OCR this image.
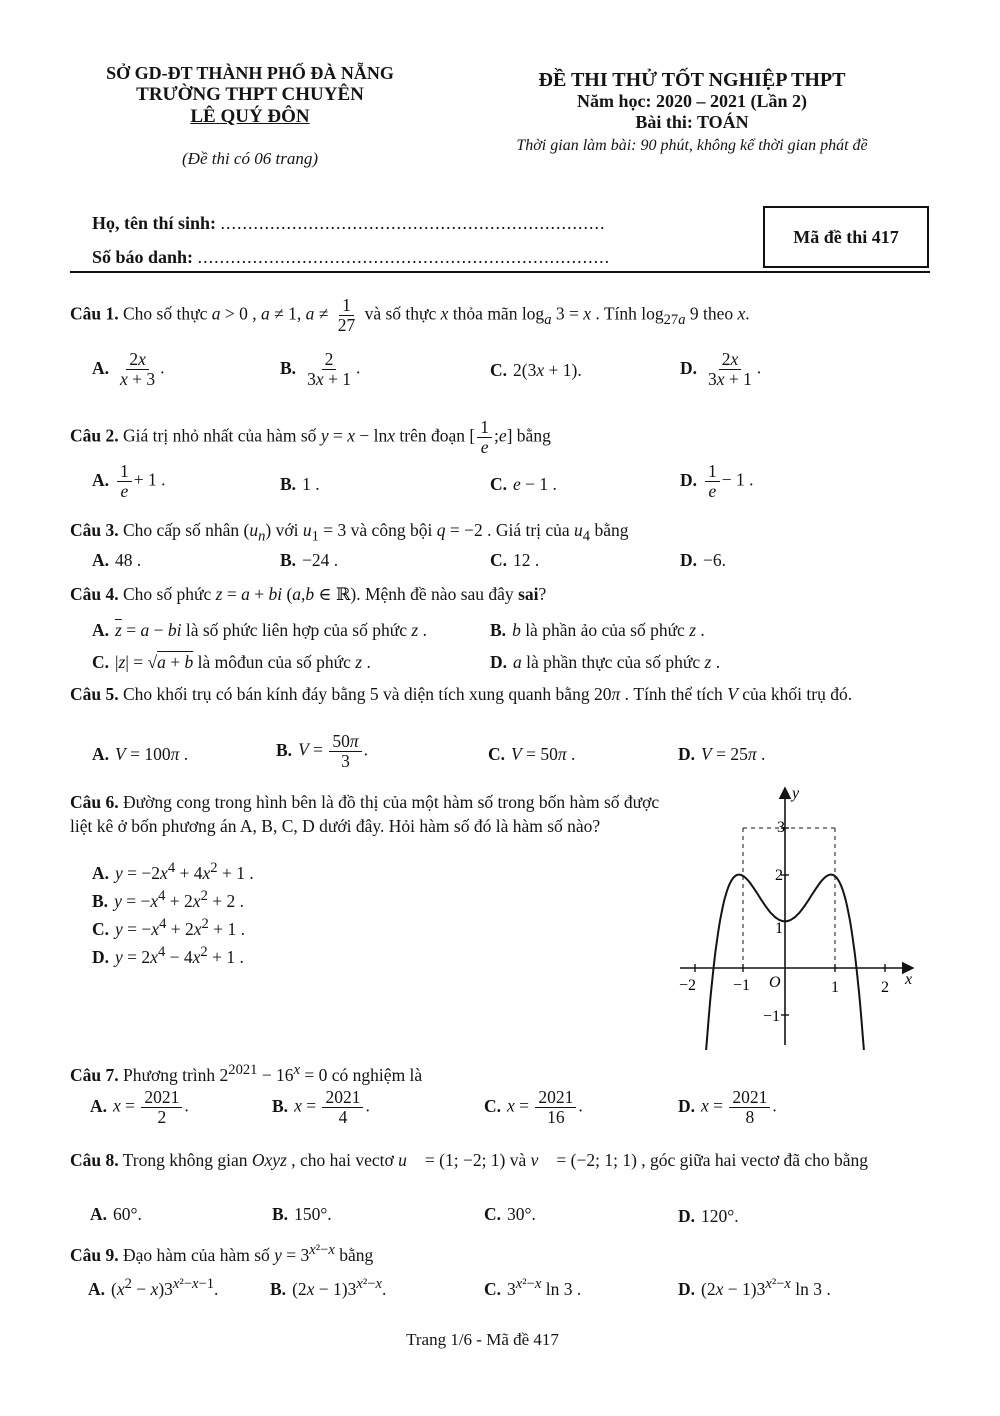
SỞ GD-ĐT THÀNH PHỐ ĐÀ NẴNG
TRƯỜNG THPT CHUYÊN
LÊ QUÝ ĐÔN
(Đề thi có 06 trang)
ĐỀ THI THỬ TỐT NGHIỆP THPT
Năm học: 2020 – 2021 (Lần 2)
Bài thi: TOÁN
Thời gian làm bài: 90 phút, không kể thời gian phát đề
Họ, tên thí sinh: ......................................................................
Số báo danh: ...........................................................................
Mã đề thi 417
Câu 1. Cho số thực a > 0 , a ≠ 1, $a \ne \frac{1}{27}$ và số thực x thỏa mãn $\log_a 3 = x$ . Tính $\log_{27a} 9$ theo x.
A. $\frac{2x}{x + 3}$ .	B. $\frac{2}{3x + 1}$ .	C. 2(3x + 1).	D. $\frac{2x}{3x + 1}$ .
Câu 2. Giá trị nhỏ nhất của hàm số y = x − lnx trên đoạn [ $\frac{1}{e}$ ;e] bằng
A. $\frac{1}{e} + 1$ .	B. 1 .	C. e − 1 .	D. $\frac{1}{e} - 1$ .
Câu 3. Cho cấp số nhân $(u_n)$ với $u_1 = 3$ và công bội q = −2 . Giá trị của $u_4$ bằng
A. 48 .	B. −24 .	C. 12 .	D. −6.
Câu 4. Cho số phức z = a + bi (a,b ∈ ℝ). Mệnh đề nào sau đây sai?
A. $\overline{z} = a$ − bi là số phức liên hợp của số phức z .	B. b là phần ảo của số phức z .
C. |z| = √a + b là môđun của số phức z .	D. a là phần thực của số phức z .
Câu 5. Cho khối trụ có bán kính đáy bằng 5 và diện tích xung quanh bằng 20π . Tính thể tích V của khối trụ đó.
A. V = 100π .	B. $V = \frac{50\pi}{3}$ .	C. V = 50π .	D. V = 25π .
Câu 6. Đường cong trong hình bên là đồ thị của một hàm số trong bốn hàm số được liệt kê ở bốn phương án A, B, C, D dưới đây. Hỏi hàm số đó là hàm số nào?
A. $y = -2x^4 + 4x^2 + 1$ .
B. $y = -x^4 + 2x^2 + 2$ .
C. $y = -x^4 + 2x^2 + 1$ .
D. $y = 2x^4 - 4x^2 + 1$ .
−2 −1 O	1	2
3
2
1
−1
x
y
Câu 7. Phương trình $2^{2021} - 16^x = 0$ có nghiệm là
A. $x = \frac{2021}{2}$ .	B. $x = \frac{2021}{4}$ .	C. $x = \frac{2021}{16}$ .	D. $x = \frac{2021}{8}$ .
Câu 8. Trong không gian Oxyz , cho hai vectơ u⃗ = (1; −2; 1) và v⃗ = (−2; 1; 1) , góc giữa hai vectơ đã cho bằng
A. 60°.	B. 150°.	C. 30°.	D. 120°.
Câu 9. Đạo hàm của hàm số $y = 3^{x^2-x}$ bằng
A. $(x^2 - x)3^{x^2-x-1}$.	B. $(2x - 1)3^{x^2-x}$.	C. $3^{x^2-x}$ ln 3 .	D. $(2x - 1)3^{x^2-x}$ ln 3 .
Trang 1/6 - Mã đề 417
